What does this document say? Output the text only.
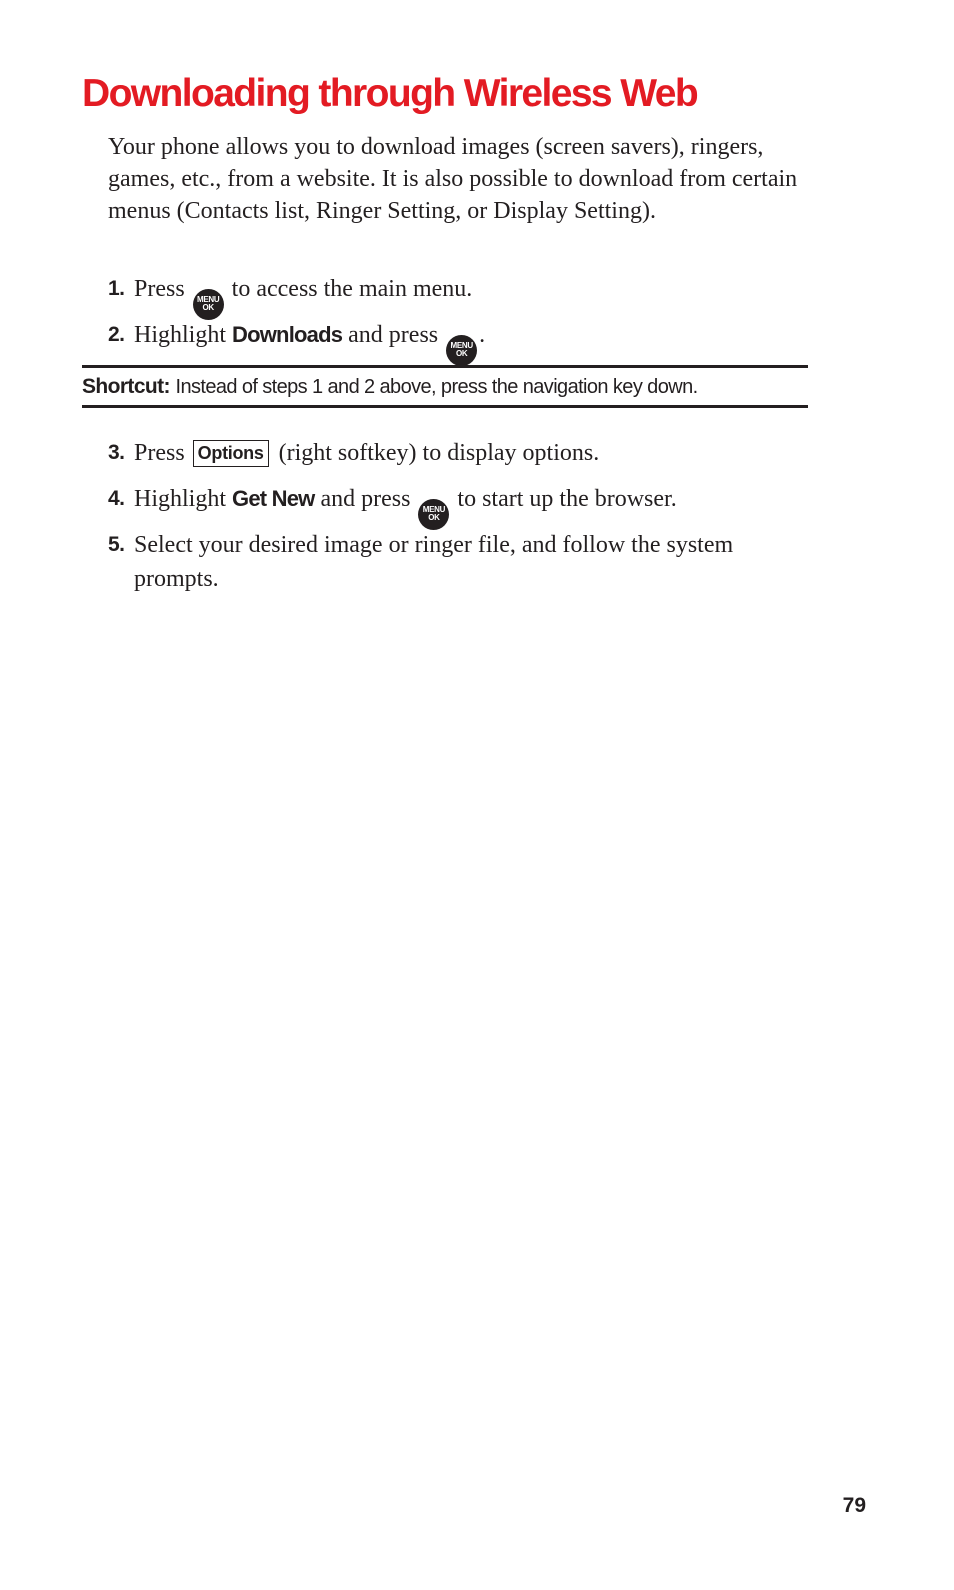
Downloading through Wireless Web

Your phone allows you to download images (screen savers), ringers, games, etc., from a website. It is also possible to download from certain menus (Contacts list, Ringer Setting, or Display Setting).

1. Press MENU
OK
to access the main menu.
2. Highlight Downloads and press MENU
OK
.
Shortcut: Instead of steps 1 and 2 above, press the navigation key down.
3. Press Options (right softkey) to display options.
4. Highlight Get New and press MENU
OK
to start up the browser.
5. Select your desired image or ringer file, and follow the system prompts.
79
